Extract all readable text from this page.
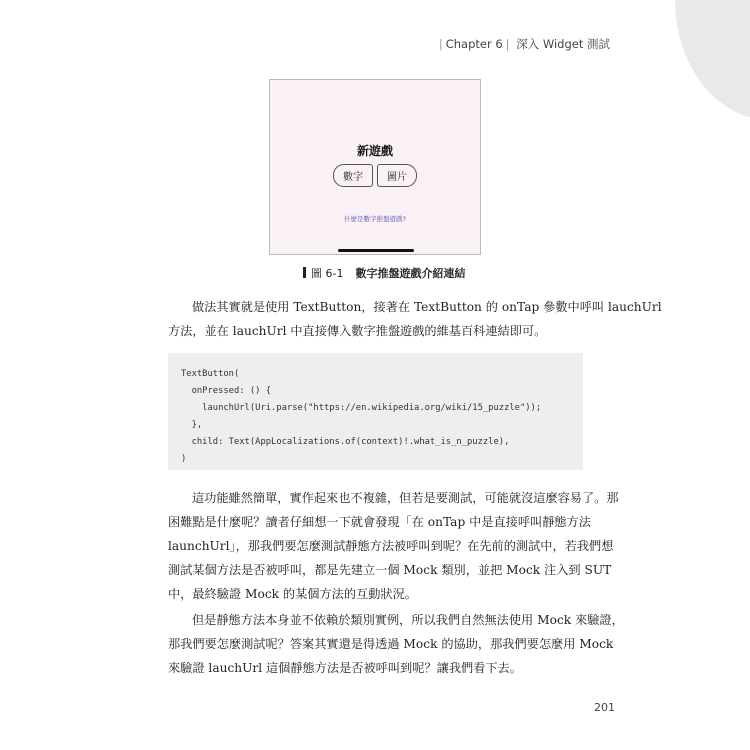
| Chapter 6 | 深入 Widget 測試
新遊戲
數字	圖片
什麼是數字推盤遊戲?
圖 6-1 數字推盤遊戲介紹連結

做法其實就是使用 TextButton，接著在 TextButton 的 onTap 參數中呼叫 lauchUrl

方法，並在 lauchUrl 中直接傳入數字推盤遊戲的維基百科連結即可。

TextButton(
onPressed: () {
launchUrl(Uri.parse("https://en.wikipedia.org/wiki/15_puzzle"));
},
child: Text(AppLocalizations.of(context)!.what_is_n_puzzle),
)

這功能雖然簡單，實作起來也不複雜，但若是要測試，可能就沒這麼容易了。那

困難點是什麼呢？讀者仔細想一下就會發現「在 onTap 中是直接呼叫靜態方法

launchUrl」，那我們要怎麼測試靜態方法被呼叫到呢？在先前的測試中，若我們想

測試某個方法是否被呼叫，都是先建立一個 Mock 類別，並把 Mock 注入到 SUT

中，最終驗證 Mock 的某個方法的互動狀況。

但是靜態方法本身並不依賴於類別實例，所以我們自然無法使用 Mock 來驗證，

那我們要怎麼測試呢？答案其實還是得透過 Mock 的協助，那我們要怎麼用 Mock

來驗證 lauchUrl 這個靜態方法是否被呼叫到呢？讓我們看下去。

201
